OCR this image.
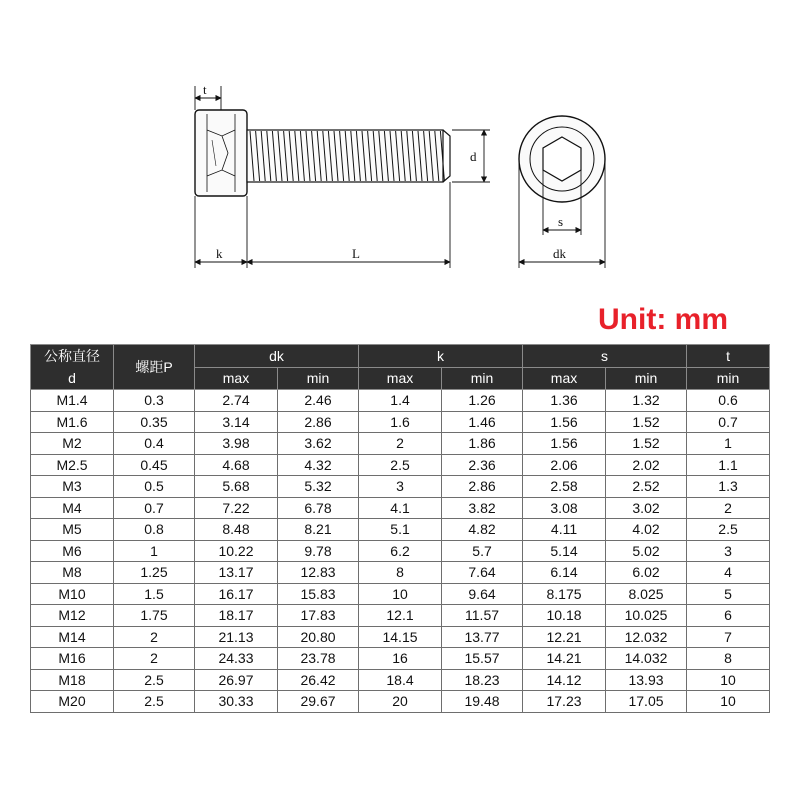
t
k	L
d
s
dk
Unit: mm
公称直径
d	螺距P	dk		k		s		t
		max	min	max	min	max	min	min
M1.4	0.3	2.74	2.46	1.4	1.26	1.36	1.32	0.6
M1.6	0.35	3.14	2.86	1.6	1.46	1.56	1.52	0.7
M2	0.4	3.98	3.62	2	1.86	1.56	1.52	1
M2.5	0.45	4.68	4.32	2.5	2.36	2.06	2.02	1.1
M3	0.5	5.68	5.32	3	2.86	2.58	2.52	1.3
M4	0.7	7.22	6.78	4.1	3.82	3.08	3.02	2
M5	0.8	8.48	8.21	5.1	4.82	4.11	4.02	2.5
M6	1	10.22	9.78	6.2	5.7	5.14	5.02	3
M8	1.25	13.17	12.83	8	7.64	6.14	6.02	4
M10	1.5	16.17	15.83	10	9.64	8.175	8.025	5
M12	1.75	18.17	17.83	12.1	11.57	10.18	10.025	6
M14	2	21.13	20.80	14.15	13.77	12.21	12.032	7
M16	2	24.33	23.78	16	15.57	14.21	14.032	8
M18	2.5	26.97	26.42	18.4	18.23	14.12	13.93	10
M20	2.5	30.33	29.67	20	19.48	17.23	17.05	10
